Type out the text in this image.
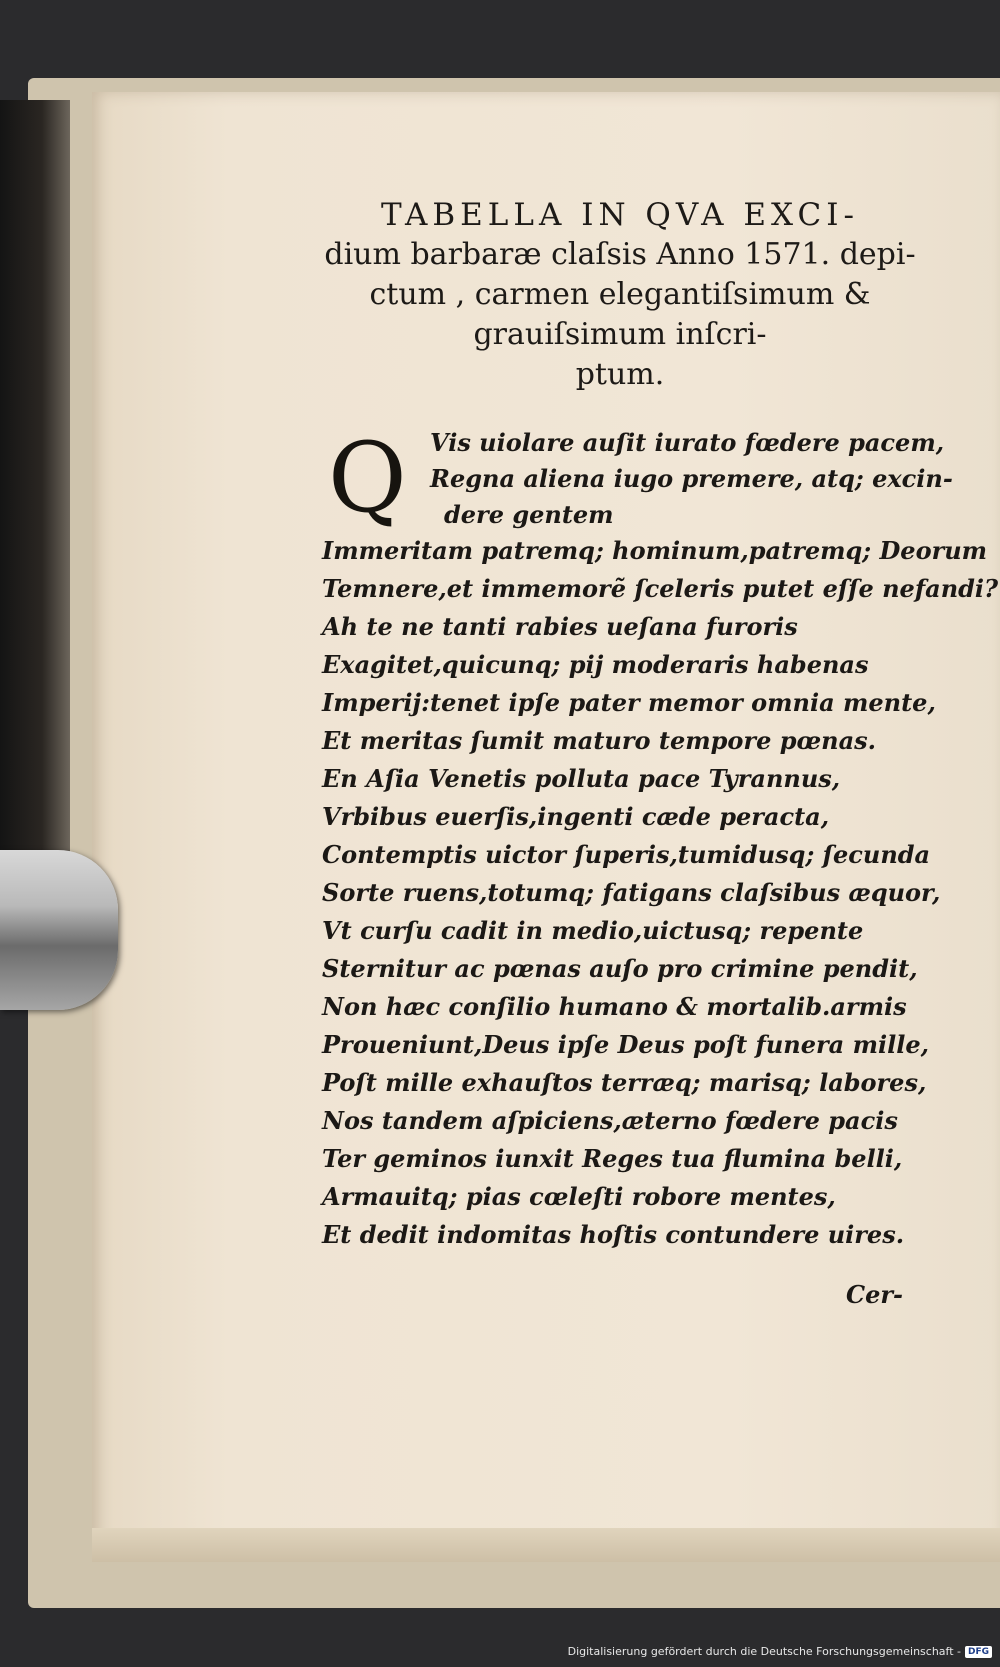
TABELLA IN QVA EXCI-
dium barbaræ claſsis Anno 1571. depi-
ctum , carmen elegantiſsimum &
grauiſsimum inſcri-
ptum.
Q Vis uiolare auſit iurato fœdere pacem,
Regna aliena iugo premere, atq; excin-
dere gentem
Immeritam patremq; hominum,patremq; Deorum
Temnere,et immemorẽ ſceleris putet eſſe nefandi?
Ah te ne tanti rabies ueſana furoris
Exagitet,quicunq; pij moderaris habenas
Imperij:tenet ipſe pater memor omnia mente,
Et meritas ſumit maturo tempore pœnas.
En Aſia Venetis polluta pace Tyrannus,
Vrbibus euerſis,ingenti cæde peracta,
Contemptis uictor ſuperis,tumidusq; ſecunda
Sorte ruens,totumq; fatigans claſsibus æquor,
Vt curſu cadit in medio,uictusq; repente
Sternitur ac pœnas auſo pro crimine pendit,
Non hæc conſilio humano & mortalib.armis
Proueniunt,Deus ipſe Deus poſt funera mille,
Poſt mille exhauſtos terræq; marisq; labores,
Nos tandem aſpiciens,æterno fœdere pacis
Ter geminos iunxit Reges tua flumina belli,
Armauitq; pias cœleſti robore mentes,
Et dedit indomitas hoſtis contundere uires.
Cer-
Digitalisierung gefördert durch die Deutsche Forschungsgemeinschaft - DFG
